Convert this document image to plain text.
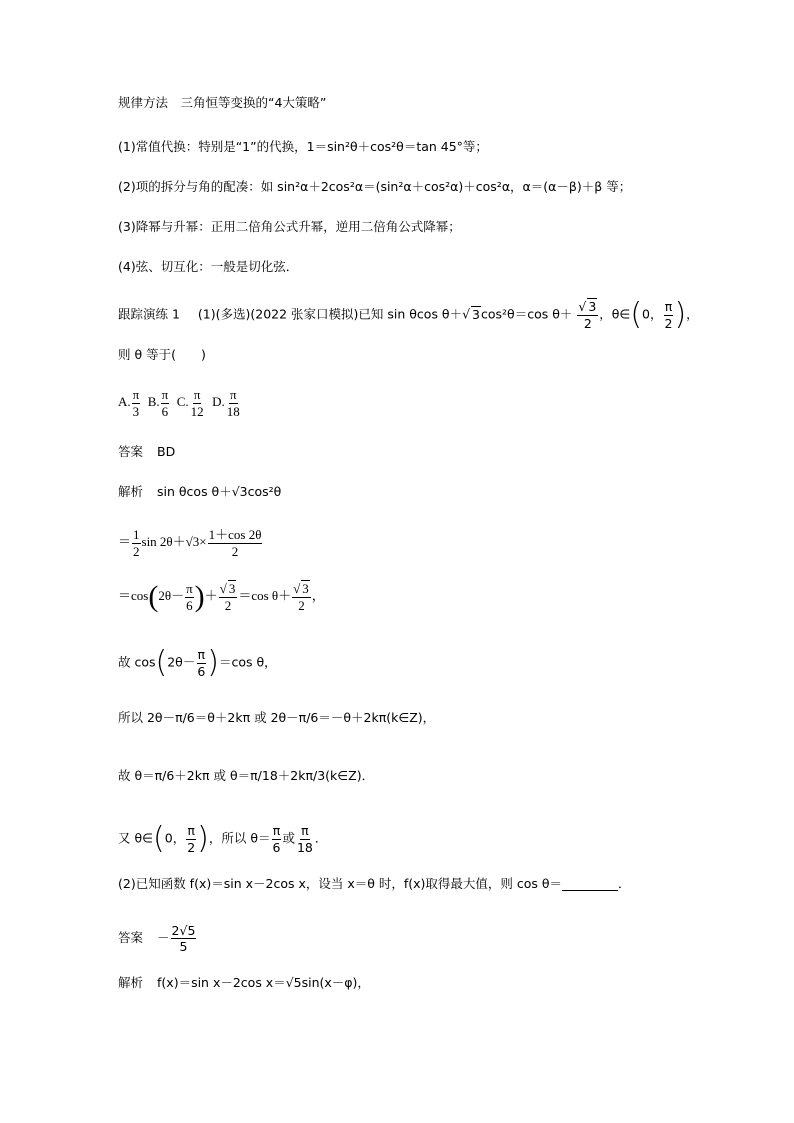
规律方法　三角恒等变换的“4大策略”
(1)常值代换：特别是“1”的代换，1＝sin²θ＋cos²θ＝tan 45°等；
(2)项的拆分与角的配凑：如 sin²α＋2cos²α＝(sin²α＋cos²α)＋cos²α，α＝(α－β)＋β 等；
(3)降幂与升幂：正用二倍角公式升幂，逆用二倍角公式降幂；
(4)弦、切互化：一般是切化弦．
跟踪演练 1 (1)(多选)(2022 张家口模拟)已知 sin θcos θ＋√ 3cos²θ＝cos $\theta+ \frac{√ 3}{2}$ ，θ∈(0， $\frac{\pi}{2}$ )，
则 θ 等于(　　)
A. $\frac{\pi}{3} B$. $\frac{\pi}{6} C$. $\frac{\pi}{12} D$. $\frac{\pi}{18}$
答案 BD
解析 sin θcos θ＋√3cos²θ
＝ $\frac{1}{2}$ $\sin 2\theta+√3\times \frac{1+\cos 2\theta}{2}$
$=\cos(2\theta- \frac{\pi}{6}$ )＋ $\frac{√ 3}{2} =\cos$ $\theta+ \frac{√ 3}{2}$ ，
故 $\cos(2\theta- \frac{\pi}{6} )=\cos$ θ，
所以 2θ－π/6＝θ＋2kπ 或 2θ－π/6＝－θ＋2kπ(k∈Z)，
故 θ＝π/6＋2kπ 或 θ＝π/18＋2kπ/3(k∈Z)．
又 θ∈(0， $\frac{\pi}{2}$ )，所以 $\theta= \frac{\pi}{6}$ 或 $\frac{\pi}{18}$ ．
(2)已知函数 f(x)＝sin x－2cos x，设当 x＝θ 时，f(x)取得最大值，则 cos θ＝	．
答案 － $\frac{2√5}{5}$
解析 f(x)＝sin x－2cos x＝√5sin(x－φ)，
